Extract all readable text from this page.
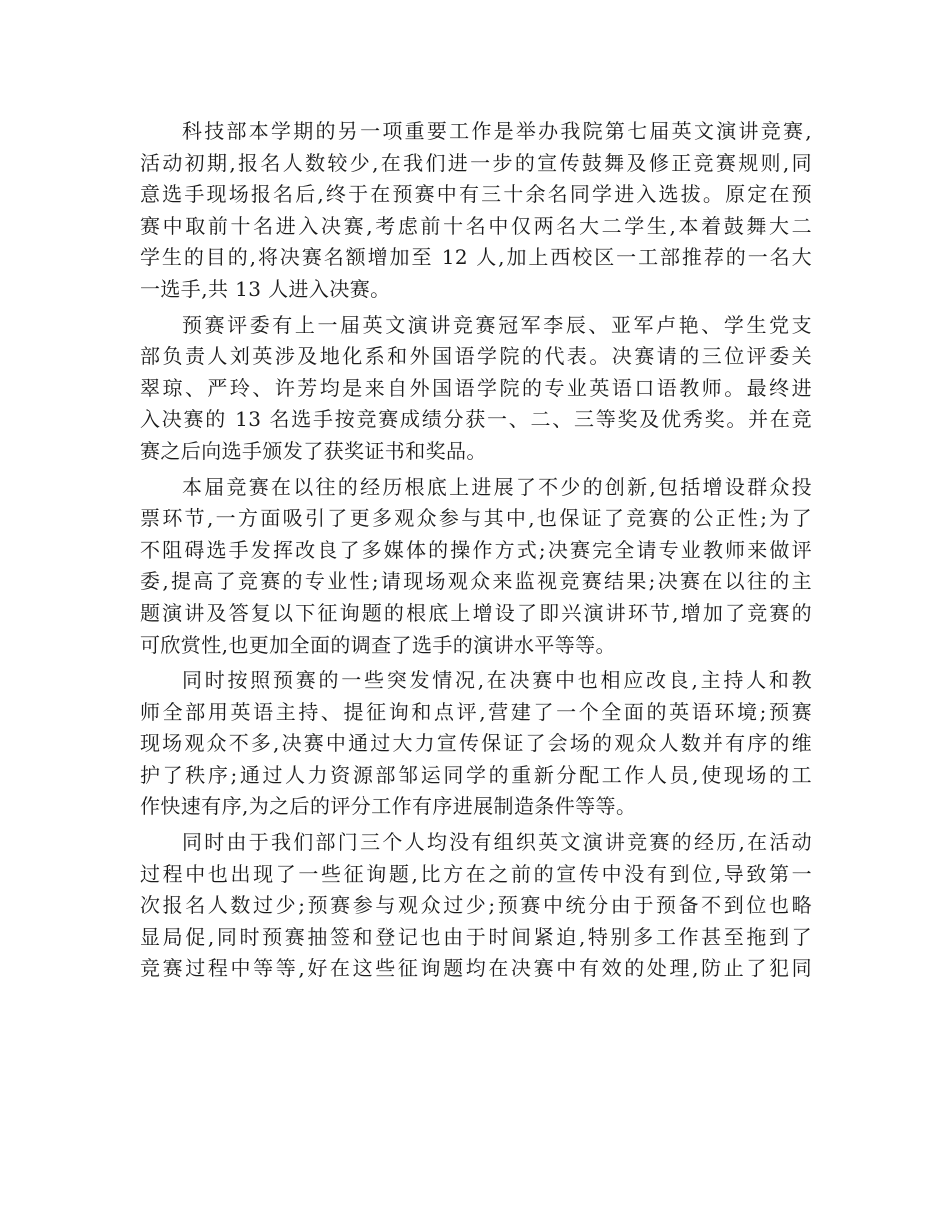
科技部本学期的另一项重要工作是举办我院第七届英文演讲竞赛,
活动初期,报名人数较少,在我们进一步的宣传鼓舞及修正竞赛规则,同
意选手现场报名后,终于在预赛中有三十余名同学进入选拔。原定在预
赛中取前十名进入决赛,考虑前十名中仅两名大二学生,本着鼓舞大二
学生的目的,将决赛名额增加至 12 人,加上西校区一工部推荐的一名大
一选手,共 13 人进入决赛。
预赛评委有上一届英文演讲竞赛冠军李辰、亚军卢艳、学生党支
部负责人刘英涉及地化系和外国语学院的代表。决赛请的三位评委关
翠琼、严玲、许芳均是来自外国语学院的专业英语口语教师。最终进
入决赛的 13 名选手按竞赛成绩分获一、二、三等奖及优秀奖。并在竞
赛之后向选手颁发了获奖证书和奖品。
本届竞赛在以往的经历根底上进展了不少的创新,包括增设群众投
票环节,一方面吸引了更多观众参与其中,也保证了竞赛的公正性;为了
不阻碍选手发挥改良了多媒体的操作方式;决赛完全请专业教师来做评
委,提高了竞赛的专业性;请现场观众来监视竞赛结果;决赛在以往的主
题演讲及答复以下征询题的根底上增设了即兴演讲环节,增加了竞赛的
可欣赏性,也更加全面的调查了选手的演讲水平等等。
同时按照预赛的一些突发情况,在决赛中也相应改良,主持人和教
师全部用英语主持、提征询和点评,营建了一个全面的英语环境;预赛
现场观众不多,决赛中通过大力宣传保证了会场的观众人数并有序的维
护了秩序;通过人力资源部邹运同学的重新分配工作人员,使现场的工
作快速有序,为之后的评分工作有序进展制造条件等等。
同时由于我们部门三个人均没有组织英文演讲竞赛的经历,在活动
过程中也出现了一些征询题,比方在之前的宣传中没有到位,导致第一
次报名人数过少;预赛参与观众过少;预赛中统分由于预备不到位也略
显局促,同时预赛抽签和登记也由于时间紧迫,特别多工作甚至拖到了
竞赛过程中等等,好在这些征询题均在决赛中有效的处理,防止了犯同
